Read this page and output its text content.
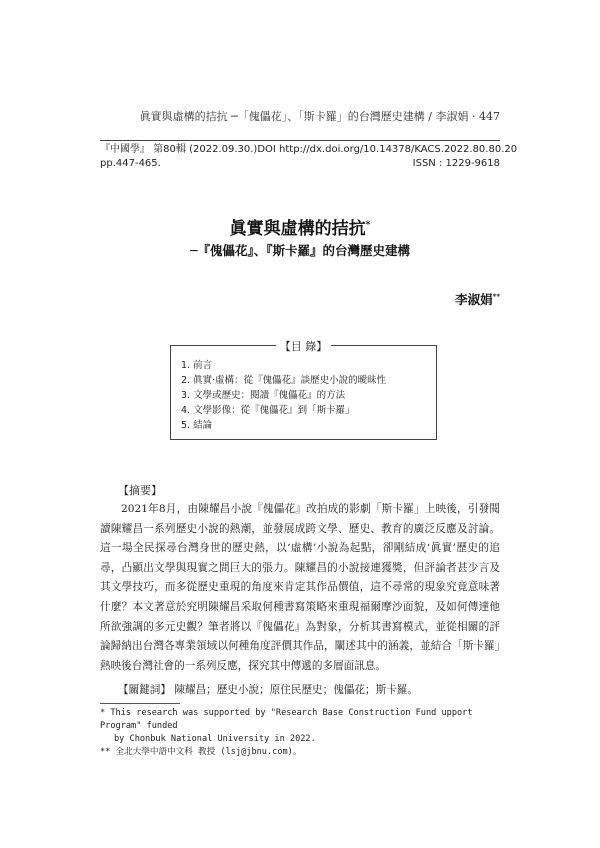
眞實與虛構的拮抗 ─「傀儡花」、「斯卡羅」的台灣歷史建構 / 李淑娟 · 447
『中國學』 第80輯 (2022.09.30.) DOI http://dx.doi.org/10.14378/KACS.2022.80.80.20
pp.447-465.	ISSN : 1229-9618
眞實與虛構的拮抗*
─『傀儡花』、『斯卡羅』的台灣歷史建構
李淑娟**
【目 錄】
1. 前言
2. 眞實·虛構：從『傀儡花』談歷史小說的曖昧性
3. 文學或歷史：閱讀『傀儡花』的方法
4. 文學影像：從『傀儡花』到「斯卡羅」
5. 結論
【摘要】
2021年8月，由陳耀昌小說『傀儡花』改拍成的影劇「斯卡羅」上映後，引發閱讀陳耀昌一系列歷史小說的熱潮，並發展成跨文學、歷史、教育的廣泛反應及討論。這一場全民探尋台灣身世的歷史熱，以‘虛構’小說為起點，卻剛結成‘眞實’歷史的追尋，凸顯出文學與現實之間巨大的張力。陳耀昌的小說接連獲獎，但評論者甚少言及其文學技巧，而多從歷史重現的角度來肯定其作品價值，這不尋常的現象究竟意味著什麼？本文著意於究明陳耀昌采取何種書寫策略來重現福爾摩沙面貌，及如何傳達他所欲強調的多元史觀？筆者將以『傀儡花』為對象，分析其書寫模式，並從相關的評論歸納出台灣各專業領域以何種角度評價其作品，闡述其中的涵義，並結合「斯卡羅」熱映後台灣社會的一系列反應，探究其中傳遞的多層面訊息。
【關鍵詞】 陳耀昌；歷史小說；原住民歷史；傀儡花；斯卡羅。

* This research was supported by "Research Base Construction Fund upport Program" funded

by Chonbuk National University in 2022.

** 全北大學中語中文科 教授 (lsj@jbnu.com)。
